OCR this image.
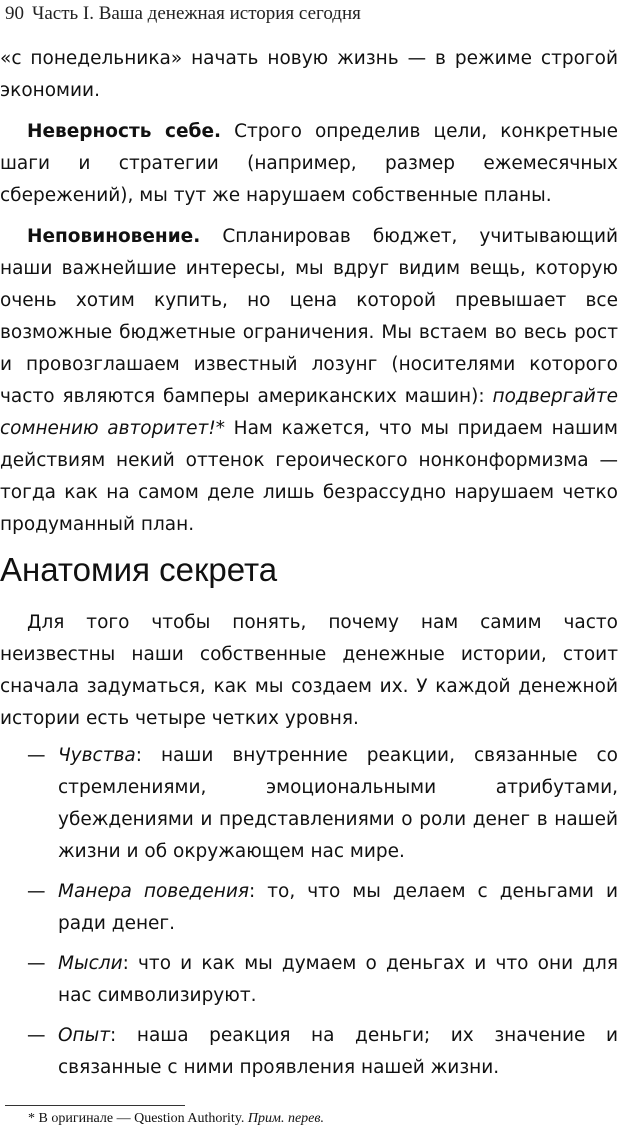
90 Часть I. Ваша денежная история сегодня

«с понедельника» начать новую жизнь — в режиме строгой экономии.

Неверность себе. Строго определив цели, конкретные шаги и стратегии (например, размер ежемесячных сбережений), мы тут же нарушаем собственные планы.

Неповиновение. Спланировав бюджет, учитывающий наши важнейшие интересы, мы вдруг видим вещь, которую очень хотим купить, но цена которой превышает все возможные бюджетные ограничения. Мы встаем во весь рост и провозглашаем известный лозунг (носителями которого часто являются бамперы американских машин): подвергайте сомнению авторитет!* Нам кажется, что мы придаем нашим действиям некий оттенок героического нонконформизма — тогда как на самом деле лишь безрассудно нарушаем четко продуманный план.

Анатомия секрета

Для того чтобы понять, почему нам самим часто неизвестны наши собственные денежные истории, стоит сначала задуматься, как мы создаем их. У каждой денежной истории есть четыре четких уровня.

— Чувства: наши внутренние реакции, связанные со стремлениями, эмоциональными атрибутами, убеждениями и представлениями о роли денег в нашей жизни и об окружающем нас мире.

— Манера поведения: то, что мы делаем с деньгами и ради денег.

— Мысли: что и как мы думаем о деньгах и что они для нас символизируют.

— Опыт: наша реакция на деньги; их значение и связанные с ними проявления нашей жизни.

* В оригинале — Question Authority. Прим. перев.
